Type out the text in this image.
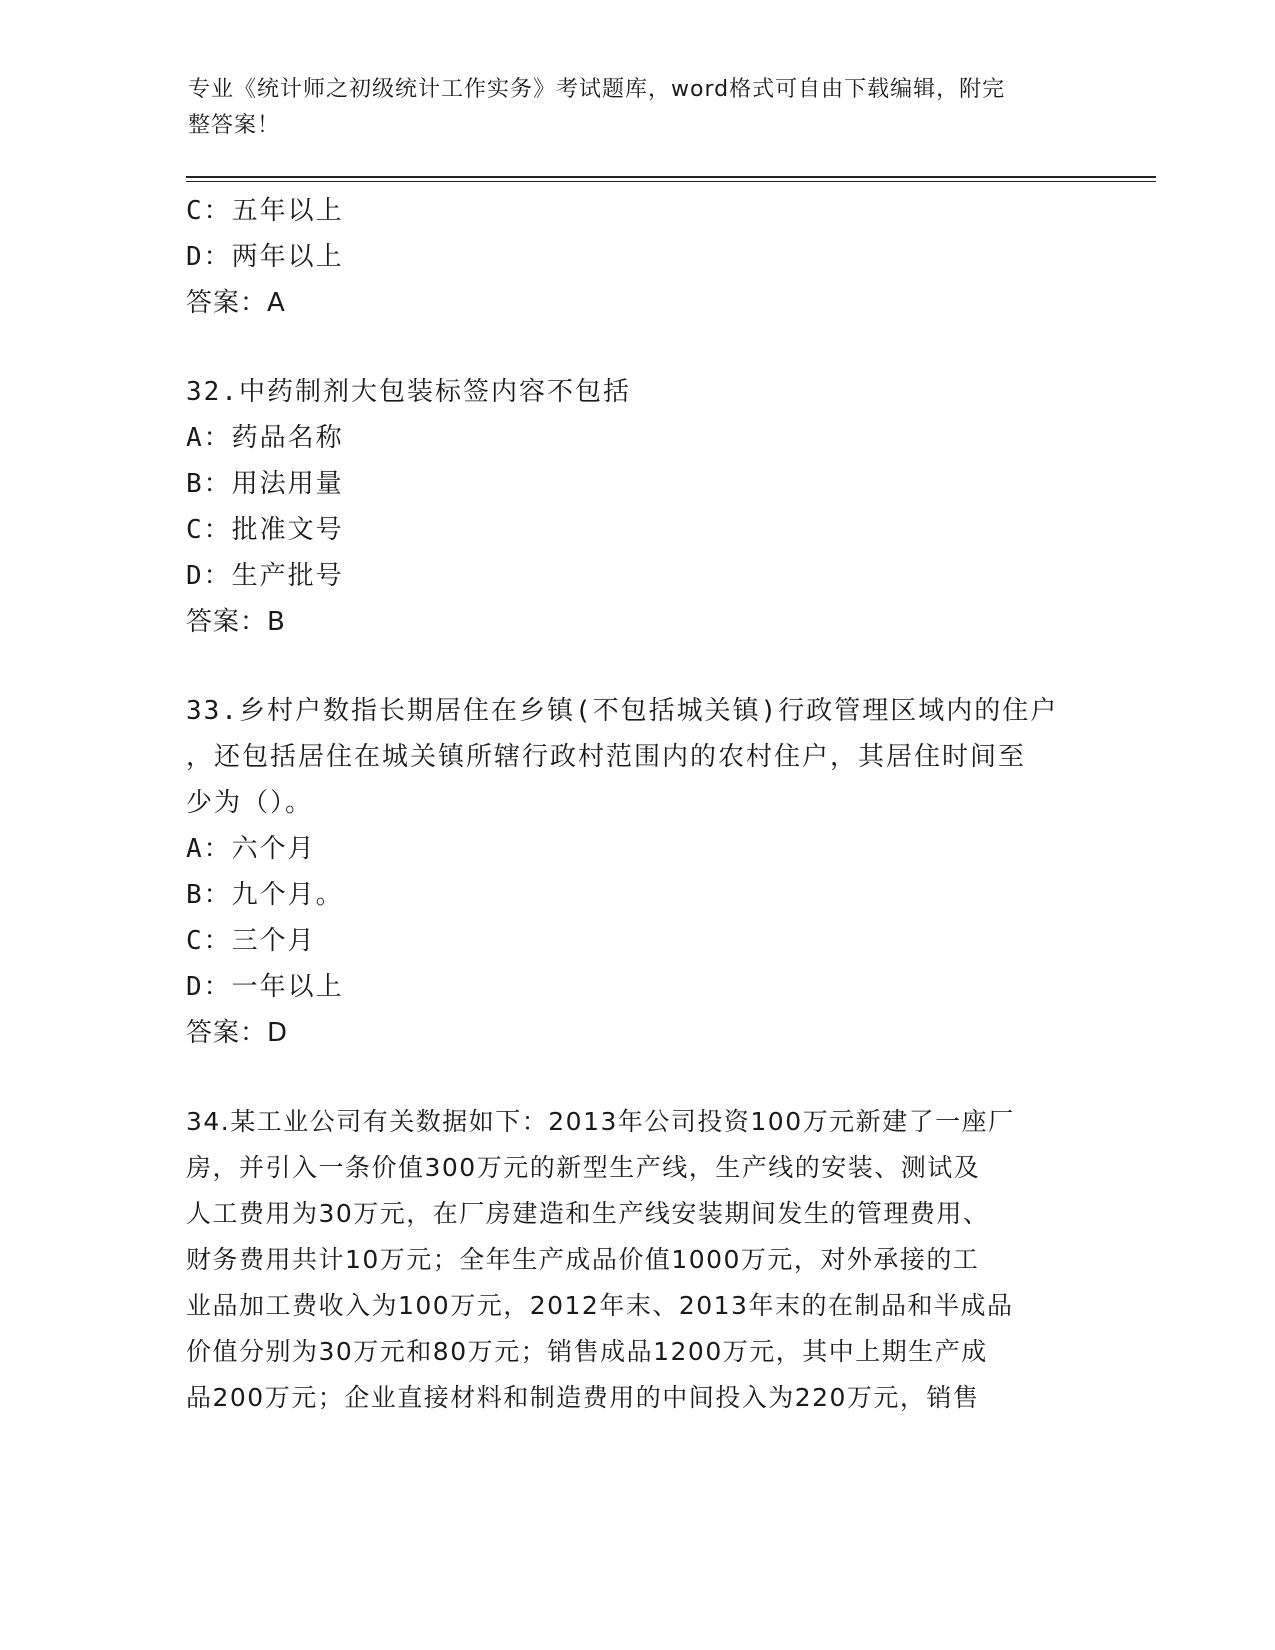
专业《统计师之初级统计工作实务》考试题库，word格式可自由下载编辑，附完
整答案！
C：五年以上
D：两年以上
答案：A
32.中药制剂大包装标签内容不包括
A：药品名称
B：用法用量
C：批准文号
D：生产批号
答案：B
33.乡村户数指长期居住在乡镇(不包括城关镇)行政管理区域内的住户
，还包括居住在城关镇所辖行政村范围内的农村住户，其居住时间至
少为（）。
A：六个月
B：九个月。
C：三个月
D：一年以上
答案：D
34.某工业公司有关数据如下：2013年公司投资100万元新建了一座厂
房，并引入一条价值300万元的新型生产线，生产线的安装、测试及
人工费用为30万元，在厂房建造和生产线安装期间发生的管理费用、
财务费用共计10万元；全年生产成品价值1000万元，对外承接的工
业品加工费收入为100万元，2012年末、2013年末的在制品和半成品
价值分别为30万元和80万元；销售成品1200万元，其中上期生产成
品200万元；企业直接材料和制造费用的中间投入为220万元，销售
